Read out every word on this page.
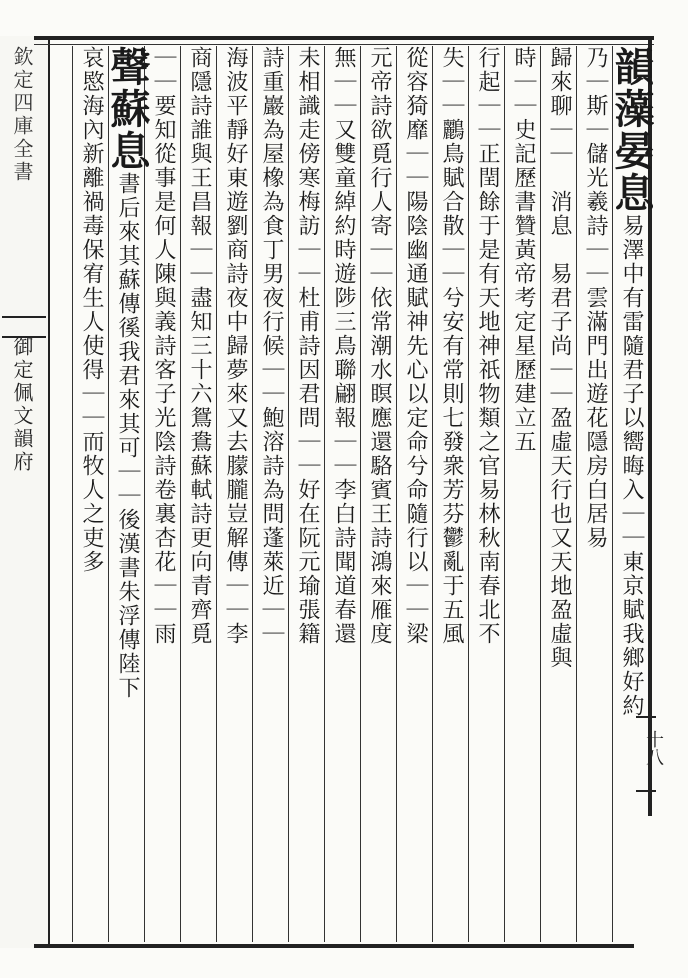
欽定四庫全書
御定佩文韻府
十八
韻藻晏息易澤中有雷隨君子以嚮晦入｜｜東京賦我鄉好約
乃｜斯｜儲光羲詩｜｜雲滿門出遊花隱房白居易
歸來聊｜｜　消息　易君子尚｜｜盈虛天行也又天地盈虛與
時｜｜史記歷書贊黃帝考定星歷建立五
行起｜｜正閏餘于是有天地神祇物類之官易林秋南春北不
失｜｜鸝鳥賦合散｜｜兮安有常則七發衆芳芬鬱亂于五風
從容猗靡｜｜陽陰幽通賦神先心以定命兮命隨行以｜｜梁
元帝詩欲覓行人寄｜｜依常潮水瞑應還駱賓王詩鴻來雁度
無｜｜又雙童綽約時遊陟三鳥聯翩報｜｜李白詩聞道春還
未相識走傍寒梅訪｜｜杜甫詩因君問｜｜好在阮元瑜張籍
詩重巖為屋橡為食丁男夜行候｜｜鮑溶詩為問蓬萊近｜｜
海波平靜好東遊劉商詩夜中歸夢來又去朦朧豈解傳｜｜李
商隱詩誰與王昌報｜｜盡知三十六鴛鴦蘇軾詩更向青齊覓
｜｜要知從事是何人陳與義詩客子光陰詩卷裏杏花｜｜雨
聲蘇息書后來其蘇傳徯我君來其可｜｜後漢書朱浮傳陸下
哀愍海內新離禍毒保宥生人使得｜｜而牧人之吏多
